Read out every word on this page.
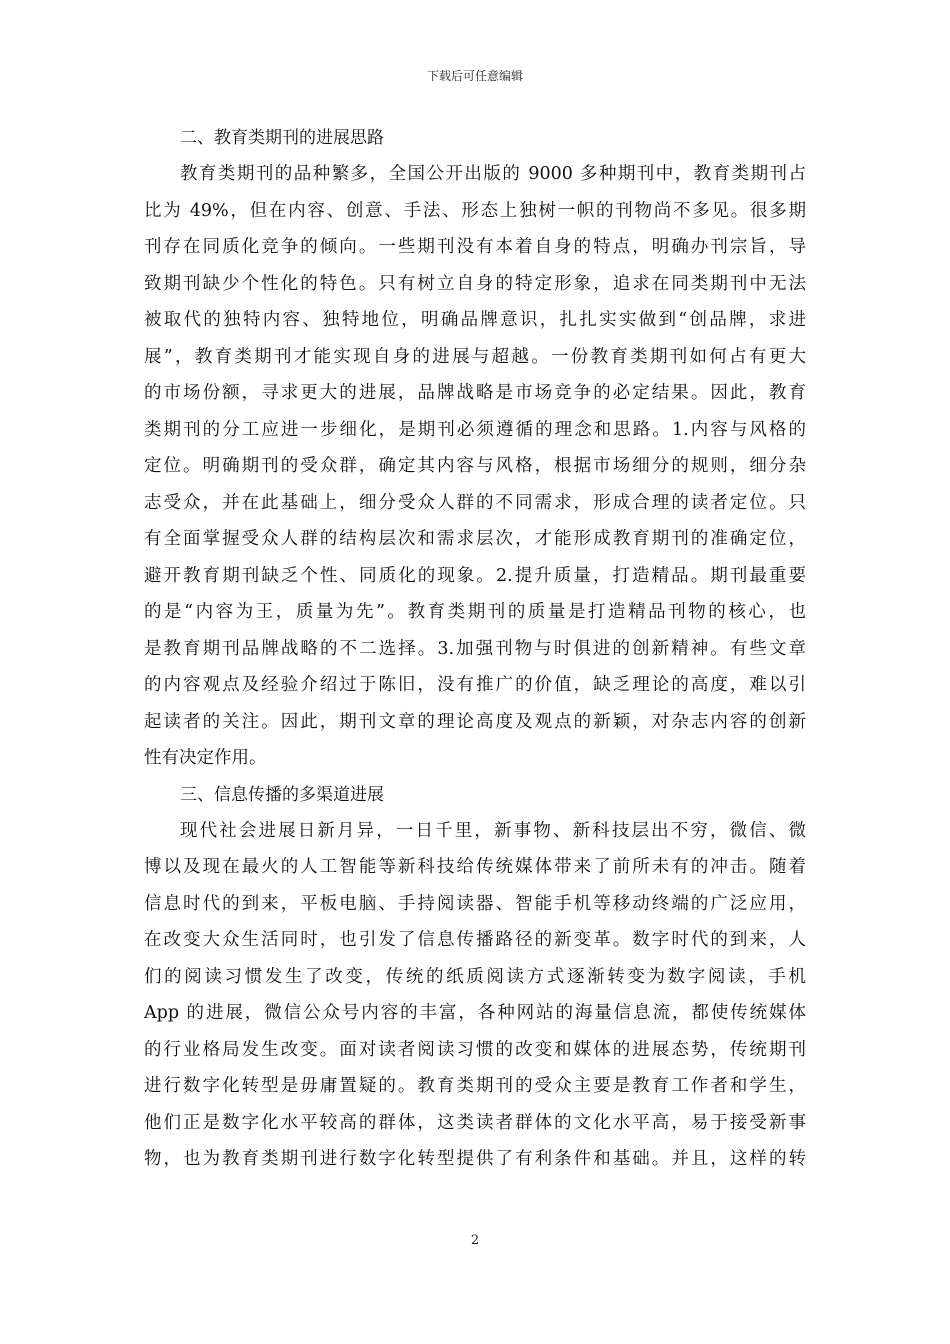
下载后可任意编辑

二、教育类期刊的进展思路

教育类期刊的品种繁多，全国公开出版的 9000 多种期刊中，教育类期刊占

比为 49%，但在内容、创意、手法、形态上独树一帜的刊物尚不多见。很多期

刊存在同质化竞争的倾向。一些期刊没有本着自身的特点，明确办刊宗旨，导

致期刊缺少个性化的特色。只有树立自身的特定形象，追求在同类期刊中无法

被取代的独特内容、独特地位，明确品牌意识，扎扎实实做到“创品牌，求进

展”，教育类期刊才能实现自身的进展与超越。一份教育类期刊如何占有更大

的市场份额，寻求更大的进展，品牌战略是市场竞争的必定结果。因此，教育

类期刊的分工应进一步细化，是期刊必须遵循的理念和思路。1.内容与风格的

定位。明确期刊的受众群，确定其内容与风格，根据市场细分的规则，细分杂

志受众，并在此基础上，细分受众人群的不同需求，形成合理的读者定位。只

有全面掌握受众人群的结构层次和需求层次，才能形成教育期刊的准确定位，

避开教育期刊缺乏个性、同质化的现象。2.提升质量，打造精品。期刊最重要

的是“内容为王，质量为先”。教育类期刊的质量是打造精品刊物的核心，也

是教育期刊品牌战略的不二选择。3.加强刊物与时俱进的创新精神。有些文章

的内容观点及经验介绍过于陈旧，没有推广的价值，缺乏理论的高度，难以引

起读者的关注。因此，期刊文章的理论高度及观点的新颖，对杂志内容的创新

性有决定作用。

三、信息传播的多渠道进展

现代社会进展日新月异，一日千里，新事物、新科技层出不穷，微信、微

博以及现在最火的人工智能等新科技给传统媒体带来了前所未有的冲击。随着

信息时代的到来，平板电脑、手持阅读器、智能手机等移动终端的广泛应用，

在改变大众生活同时，也引发了信息传播路径的新变革。数字时代的到来，人

们的阅读习惯发生了改变，传统的纸质阅读方式逐渐转变为数字阅读，手机

App 的进展，微信公众号内容的丰富，各种网站的海量信息流，都使传统媒体

的行业格局发生改变。面对读者阅读习惯的改变和媒体的进展态势，传统期刊

进行数字化转型是毋庸置疑的。教育类期刊的受众主要是教育工作者和学生，

他们正是数字化水平较高的群体，这类读者群体的文化水平高，易于接受新事

物，也为教育类期刊进行数字化转型提供了有利条件和基础。并且，这样的转

2
